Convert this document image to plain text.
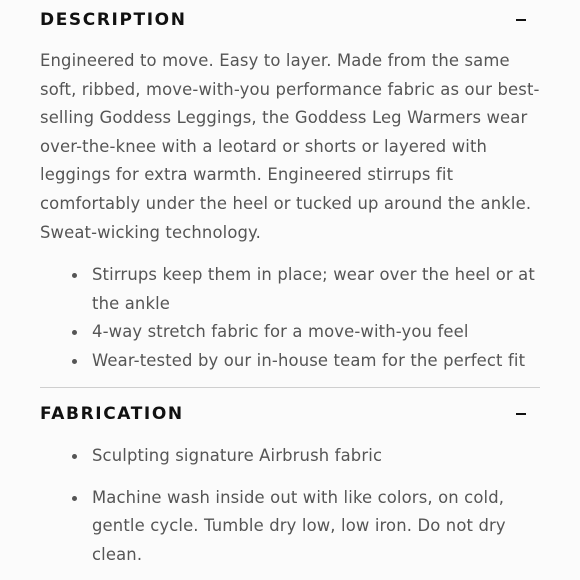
DESCRIPTION

Engineered to move. Easy to layer. Made from the same soft, ribbed, move-with-you performance fabric as our best-selling Goddess Leggings, the Goddess Leg Warmers wear over-the-knee with a leotard or shorts or layered with leggings for extra warmth. Engineered stirrups fit comfortably under the heel or tucked up around the ankle. Sweat-wicking technology.

Stirrups keep them in place; wear over the heel or at the ankle
4-way stretch fabric for a move-with-you feel
Wear-tested by our in-house team for the perfect fit
FABRICATION
Sculpting signature Airbrush fabric
Machine wash inside out with like colors, on cold, gentle cycle. Tumble dry low, low iron. Do not dry clean.
